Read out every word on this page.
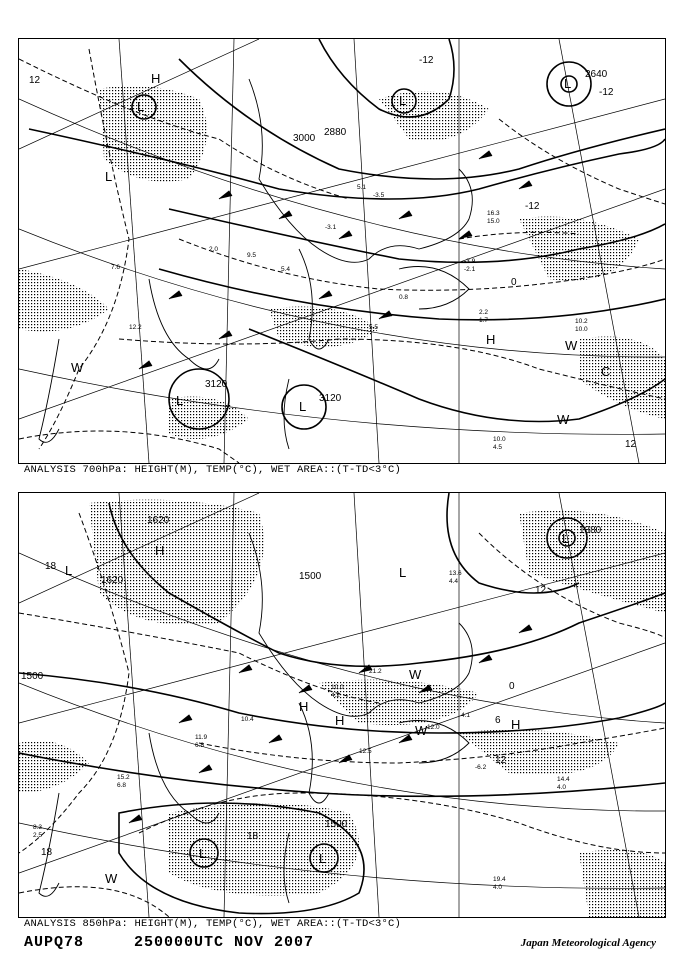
3000
2880
2640
3120
3120
12
12
0
-12
-12
-12
H
L
L	L
L
H
W
W
W
C
L	L
5.1
-3.5
2.0
9.5
5.4
12.2
10.2
10.0
2.2
1.7
10.0
4.5
7.6
0.8
-3.9
-2.1
16.3
15.0
-3.1
5.5
ANALYSIS 700hPa: HEIGHT(M), TEMP(°C), WET AREA::(T-TD<3°C)
1620
1620	1500
1500
1500
1380
18
18
18
12
12
6
0
H
L	L
H	H
H
W
W
W
L
L	L
10.0
4.2
21.2
11.9
6.8
4.1
12.5
14.4
4.0
-6.2
13.6
4.4
12.0
10.4
15.2
6.8
19.4
4.0
8.3
2.5
ANALYSIS 850hPa: HEIGHT(M), TEMP(°C), WET AREA::(T-TD<3°C)
AUPQ78     250000UTC NOV 2007	Japan Meteorological Agency
